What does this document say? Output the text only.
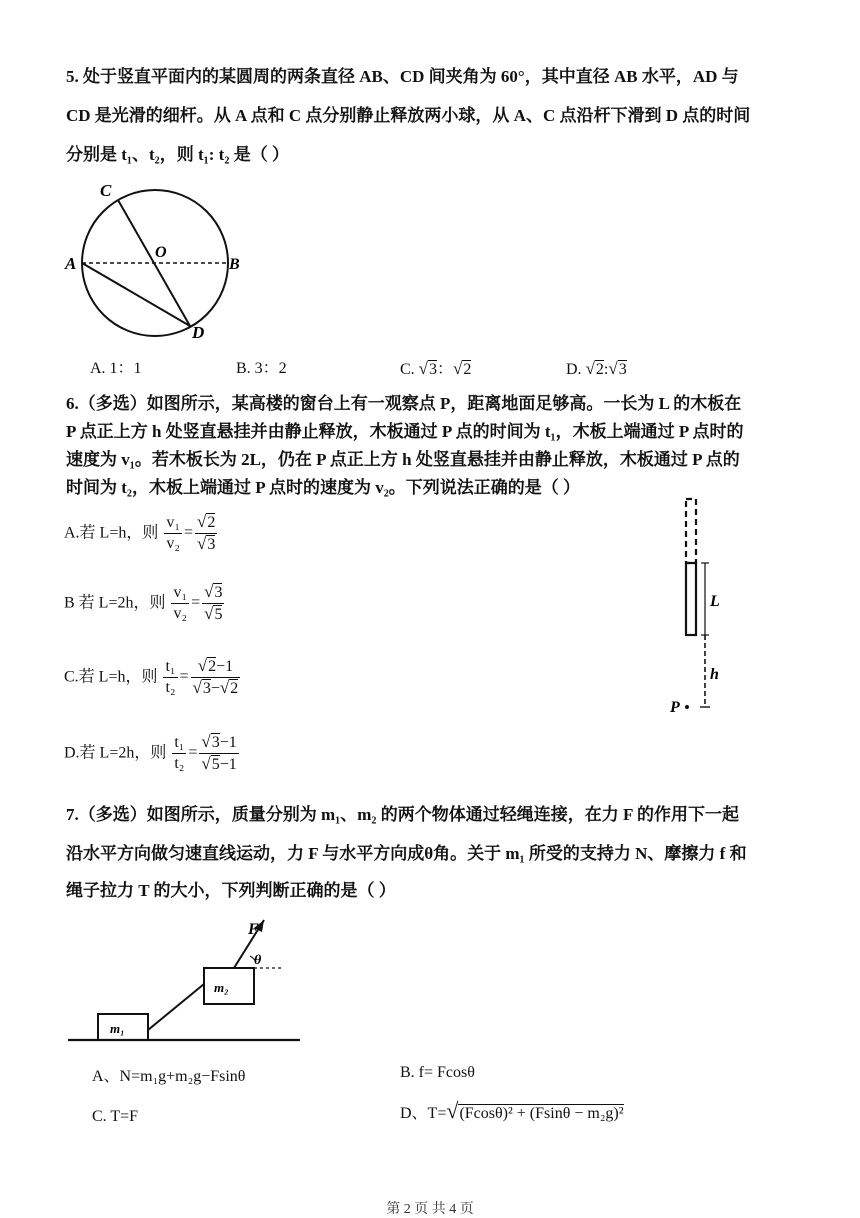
5. 处于竖直平面内的某圆周的两条直径 AB、CD 间夹角为 60°，其中直径 AB 水平，AD 与
CD 是光滑的细杆。从 A 点和 C 点分别静止释放两小球，从 A、C 点沿杆下滑到 D 点的时间
分别是 t₁、t₂，则 t₁: t₂ 是（ ）
C
O
A	B
D
A. 1：1	B. 3：2	C. √3：√2	D. √2:√3
6.（多选）如图所示，某高楼的窗台上有一观察点 P，距离地面足够高。一长为 L 的木板在
P 点正上方 h 处竖直悬挂并由静止释放，木板通过 P 点的时间为 t₁，木板上端通过 P 点时的
速度为 v₁。若木板长为 2L，仍在 P 点正上方 h 处竖直悬挂并由静止释放，木板通过 P 点的
时间为 t₂，木板上端通过 P 点时的速度为 v₂。下列说法正确的是（ ）
A.若 L=h，则 $\frac{\text{v₁}}{\text{v₂}} = \frac{√2}{√3}$
B 若 L=2h，则 $\frac{\text{v₁}}{\text{v₂}} = \frac{√3}{√5}$
C.若 L=h，则 $\frac{\text{t₁}}{\text{t₂}} = \frac{√2-1}{√3-√2}$
D.若 L=2h，则 $\frac{\text{t₁}}{\text{t₂}} = \frac{√3-1}{√5-1}$
L
h
P
7.（多选）如图所示，质量分别为 m₁、m₂ 的两个物体通过轻绳连接，在力 F 的作用下一起
沿水平方向做匀速直线运动，力 F 与水平方向成θ角。关于 m₁ 所受的支持力 N、摩擦力 f 和
绳子拉力 T 的大小，下列判断正确的是（ ）
m₁
m₂
F
θ
A、N=m₁g+m₂g−Fsinθ	B. f= Fcosθ
C. T=F	D、T=√(Fcosθ)² + (Fsinθ − m₂g)²
第 2 页 共 4 页
